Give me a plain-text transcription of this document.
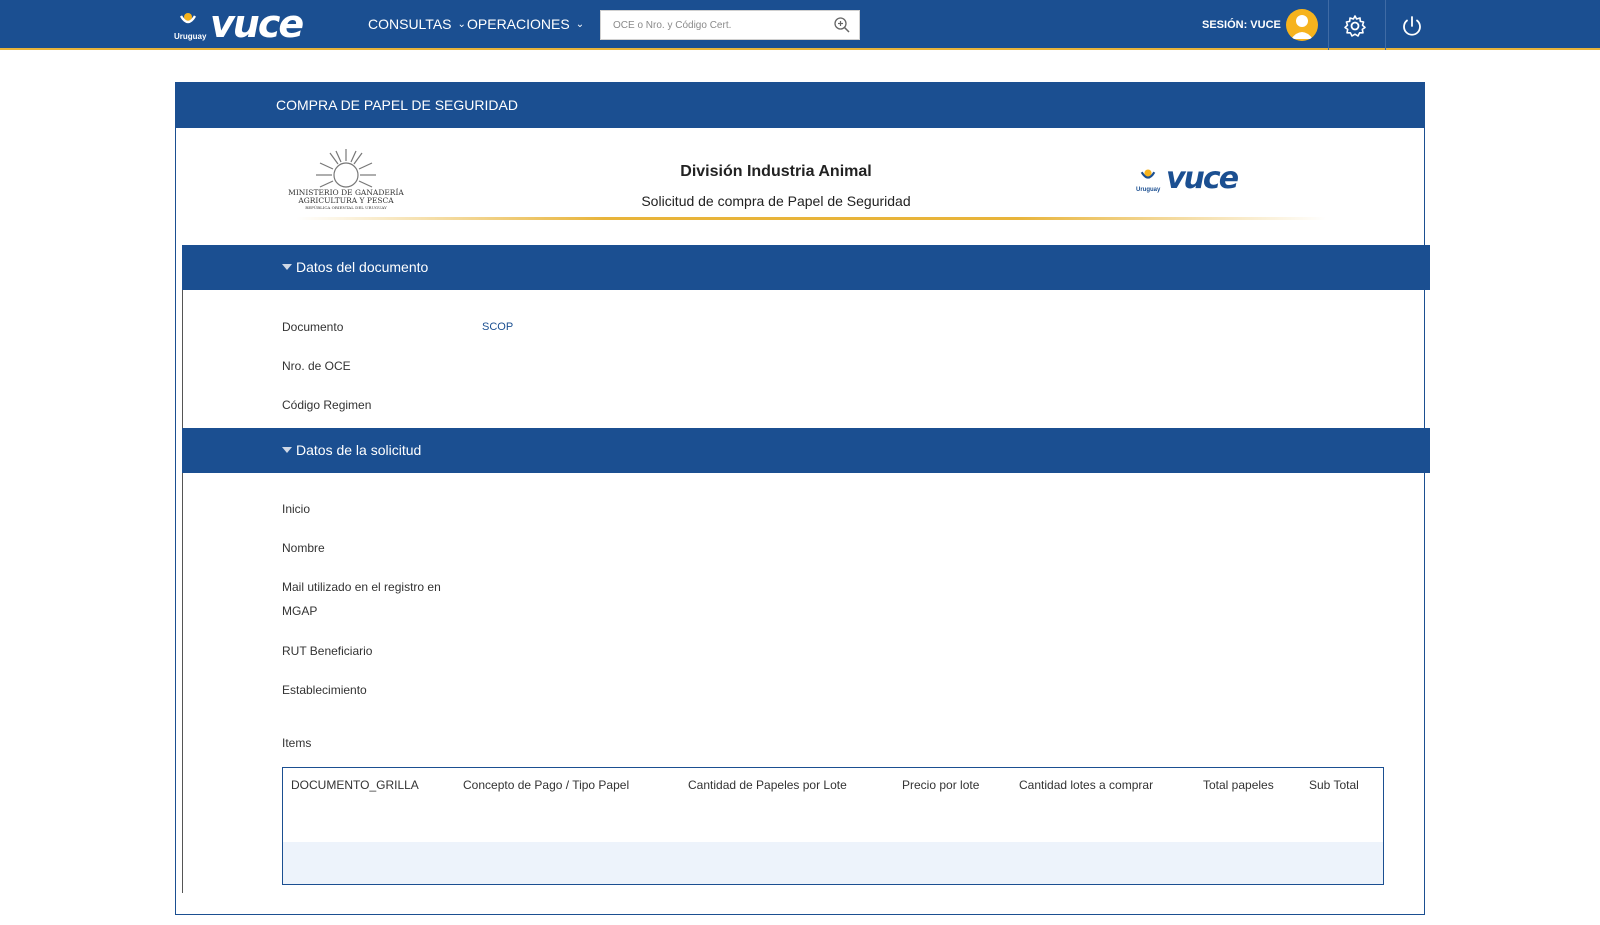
Uruguay vuce	CONSULTAS ⌄ OPERACIONES ⌄
OCE o Nro. y Código Cert.	SESIÓN: VUCE
COMPRA DE PAPEL DE SEGURIDAD
MINISTERIO DE GANADERÍA
AGRICULTURA Y PESCA
REPÚBLICA ORIENTAL DEL URUGUAY
División Industria Animal
Solicitud de compra de Papel de Seguridad
Uruguay vuce
Datos del documento
Documento	SCOP
Nro. de OCE
Código Regimen
Datos de la solicitud
Inicio
Nombre
Mail utilizado en el registro en MGAP
RUT Beneficiario
Establecimiento
Items
DOCUMENTO_GRILLA	Concepto de Pago / Tipo Papel	Cantidad de Papeles por Lote	Precio por lote	Cantidad lotes a comprar	Total papeles	Sub Total
